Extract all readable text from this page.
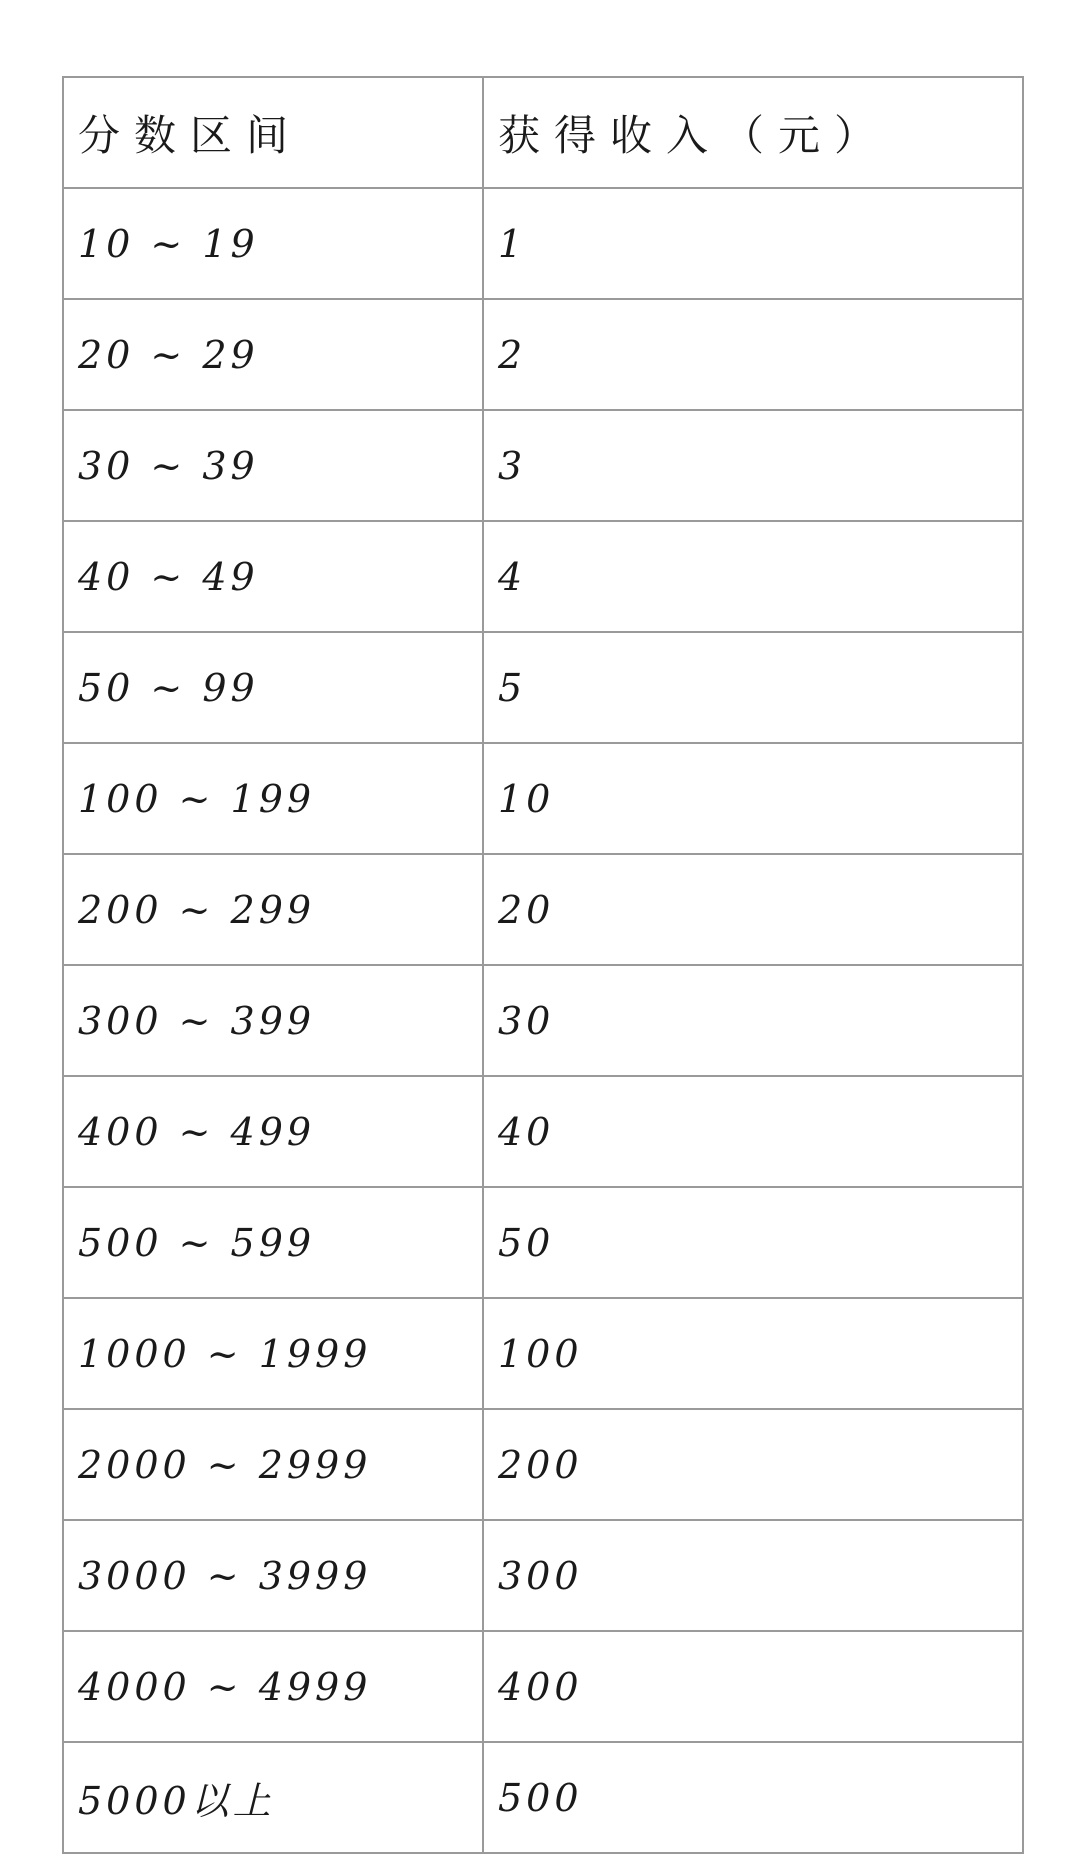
分数区间	获得收入（元）
10 ~ 19	1
20 ~ 29	2
30 ~ 39	3
40 ~ 49	4
50 ~ 99	5
100 ~ 199	10
200 ~ 299	20
300 ~ 399	30
400 ~ 499	40
500 ~ 599	50
1000 ~ 1999	100
2000 ~ 2999	200
3000 ~ 3999	300
4000 ~ 4999	400
5000以上	500
